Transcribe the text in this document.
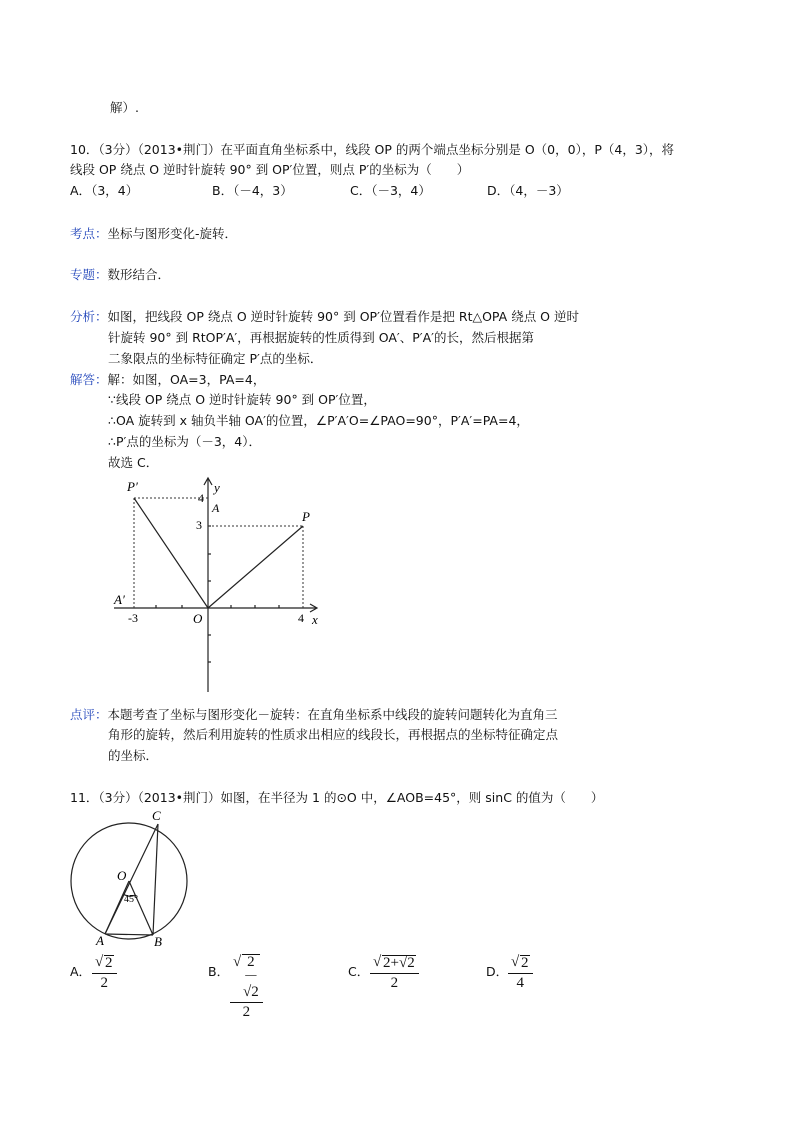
解）.
10．（3分）（2013•荆门）在平面直角坐标系中，线段 OP 的两个端点坐标分别是 O（0，0），P（4，3），将
线段 OP 绕点 O 逆时针旋转 90° 到 OP′位置，则点 P′的坐标为（　　）
A．（3，4）	B．（－4，3）	C．（－3，4）	D．（4，－3）
考点：坐标与图形变化-旋转．
专题：数形结合．
分析：如图，把线段 OP 绕点 O 逆时针旋转 90° 到 OP′位置看作是把 Rt△OPA 绕点 O 逆时
针旋转 90° 到 RtOP′A′，再根据旋转的性质得到 OA′、P′A′的长，然后根据第
二象限点的坐标特征确定 P′点的坐标．
解答：解：如图，OA=3，PA=4，
∵线段 OP 绕点 O 逆时针旋转 90° 到 OP′位置，
∴OA 旋转到 x 轴负半轴 OA′的位置，∠P′A′O=∠PAO=90°，P′A′=PA=4，
∴P′点的坐标为（－3，4）．
故选 C．
P′	y
4
A
P
3
A′
-3	O	4 x
点评：本题考查了坐标与图形变化－旋转：在直角坐标系中线段的旋转问题转化为直角三
角形的旋转，然后利用旋转的性质求出相应的线段长，再根据点的坐标特征确定点
的坐标．
11．（3分）（2013•荆门）如图，在半径为 1 的⊙O 中，∠AOB=45°，则 sinC 的值为（　　）
C
O
45°
A	B
A． $\frac{√ 2}{2}$	B． $\frac{√ 2-√2}{2}$	C． $\frac{√ 2+√2}{2}$	D． $\frac{√ 2}{4}$
